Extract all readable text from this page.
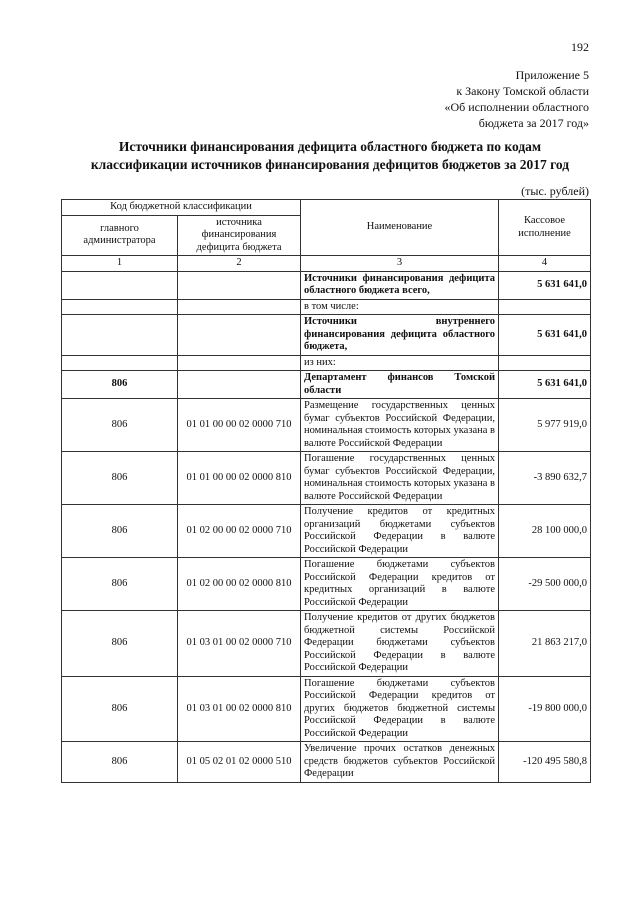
192
Приложение 5
к Закону Томской области
«Об исполнении областного
бюджета за 2017 год»
Источники финансирования дефицита областного бюджета по кодам
классификации источников финансирования дефицитов бюджетов за 2017 год
(тыс. рублей)
Код бюджетной классификации		Наименование	Кассовое исполнение
главного администратора	источника финансирования дефицита бюджета		
1	2	3	4
		Источники финансирования дефицита областного бюджета всего,	5 631 641,0
		в том числе:	
		Источники внутреннего финансирования дефицита областного бюджета,	5 631 641,0
		из них:	
806		Департамент финансов Томской области	5 631 641,0
806	01 01 00 00 02 0000 710	Размещение государственных ценных бумаг субъектов Российской Федерации, номинальная стоимость которых указана в валюте Российской Федерации	5 977 919,0
806	01 01 00 00 02 0000 810	Погашение государственных ценных бумаг субъектов Российской Федерации, номинальная стоимость которых указана в валюте Российской Федерации	-3 890 632,7
806	01 02 00 00 02 0000 710	Получение кредитов от кредитных организаций бюджетами субъектов Российской Федерации в валюте Российской Федерации	28 100 000,0
806	01 02 00 00 02 0000 810	Погашение бюджетами субъектов Российской Федерации кредитов от кредитных организаций в валюте Российской Федерации	-29 500 000,0
806	01 03 01 00 02 0000 710	Получение кредитов от других бюджетов бюджетной системы Российской Федерации бюджетами субъектов Российской Федерации в валюте Российской Федерации	21 863 217,0
806	01 03 01 00 02 0000 810	Погашение бюджетами субъектов Российской Федерации кредитов от других бюджетов бюджетной системы Российской Федерации в валюте Российской Федерации	-19 800 000,0
806	01 05 02 01 02 0000 510	Увеличение прочих остатков денежных средств бюджетов субъектов Российской Федерации	-120 495 580,8
